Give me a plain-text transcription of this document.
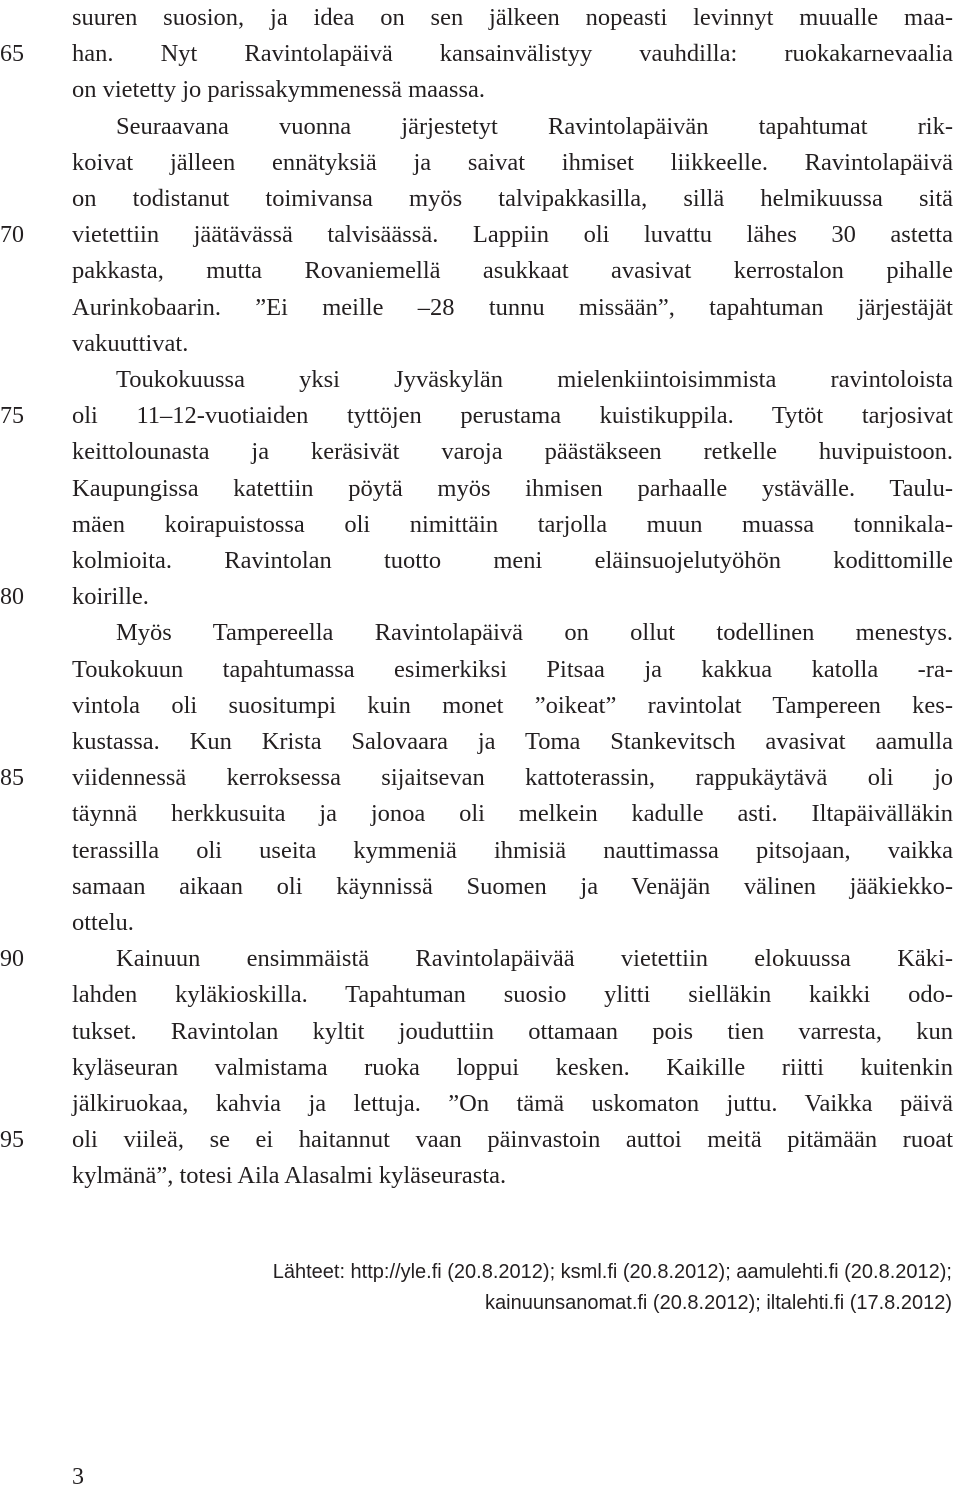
65
70
75
80
85
90
95
suuren suosion, ja idea on sen jälkeen nopeasti levinnyt muualle maa-
han. Nyt Ravintolapäivä kansainvälistyy vauhdilla: ruokakarnevaalia
on vietetty jo parissakymmenessä maassa.
Seuraavana vuonna järjestetyt Ravintolapäivän tapahtumat rik-
koivat jälleen ennätyksiä ja saivat ihmiset liikkeelle. Ravintolapäivä
on todistanut toimivansa myös talvipakkasilla, sillä helmikuussa sitä
vietettiin jäätävässä talvisäässä. Lappiin oli luvattu lähes 30 astetta
pakkasta, mutta Rovaniemellä asukkaat avasivat kerrostalon pihalle
Aurinkobaarin. ”Ei meille –28 tunnu missään”, tapahtuman järjestäjät
vakuuttivat.
Toukokuussa yksi Jyväskylän mielenkiintoisimmista ravintoloista
oli 11–12-vuotiaiden tyttöjen perustama kuistikuppila. Tytöt tarjosivat
keittolounasta ja keräsivät varoja päästäkseen retkelle huvipuistoon.
Kaupungissa katettiin pöytä myös ihmisen parhaalle ystävälle. Taulu-
mäen koirapuistossa oli nimittäin tarjolla muun muassa tonnikala-
kolmioita. Ravintolan tuotto meni eläinsuojelutyöhön kodittomille
koirille.
Myös Tampereella Ravintolapäivä on ollut todellinen menestys.
Toukokuun tapahtumassa esimerkiksi Pitsaa ja kakkua katolla -ra-
vintola oli suositumpi kuin monet ”oikeat” ravintolat Tampereen kes-
kustassa. Kun Krista Salovaara ja Toma Stankevitsch avasivat aamulla
viidennessä kerroksessa sijaitsevan kattoterassin, rappukäytävä oli jo
täynnä herkkusuita ja jonoa oli melkein kadulle asti. Iltapäivälläkin
terassilla oli useita kymmeniä ihmisiä nauttimassa pitsojaan, vaikka
samaan aikaan oli käynnissä Suomen ja Venäjän välinen jääkiekko-
ottelu.
Kainuun ensimmäistä Ravintolapäivää vietettiin elokuussa Käki-
lahden kyläkioskilla. Tapahtuman suosio ylitti sielläkin kaikki odo-
tukset. Ravintolan kyltit jouduttiin ottamaan pois tien varresta, kun
kyläseuran valmistama ruoka loppui kesken. Kaikille riitti kuitenkin
jälkiruokaa, kahvia ja lettuja. ”On tämä uskomaton juttu. Vaikka päivä
oli viileä, se ei haitannut vaan päinvastoin auttoi meitä pitämään ruoat
kylmänä”, totesi Aila Alasalmi kyläseurasta.
Lähteet: http://yle.fi (20.8.2012); ksml.fi (20.8.2012); aamulehti.fi (20.8.2012);
kainuunsanomat.fi (20.8.2012); iltalehti.fi (17.8.2012)
3
